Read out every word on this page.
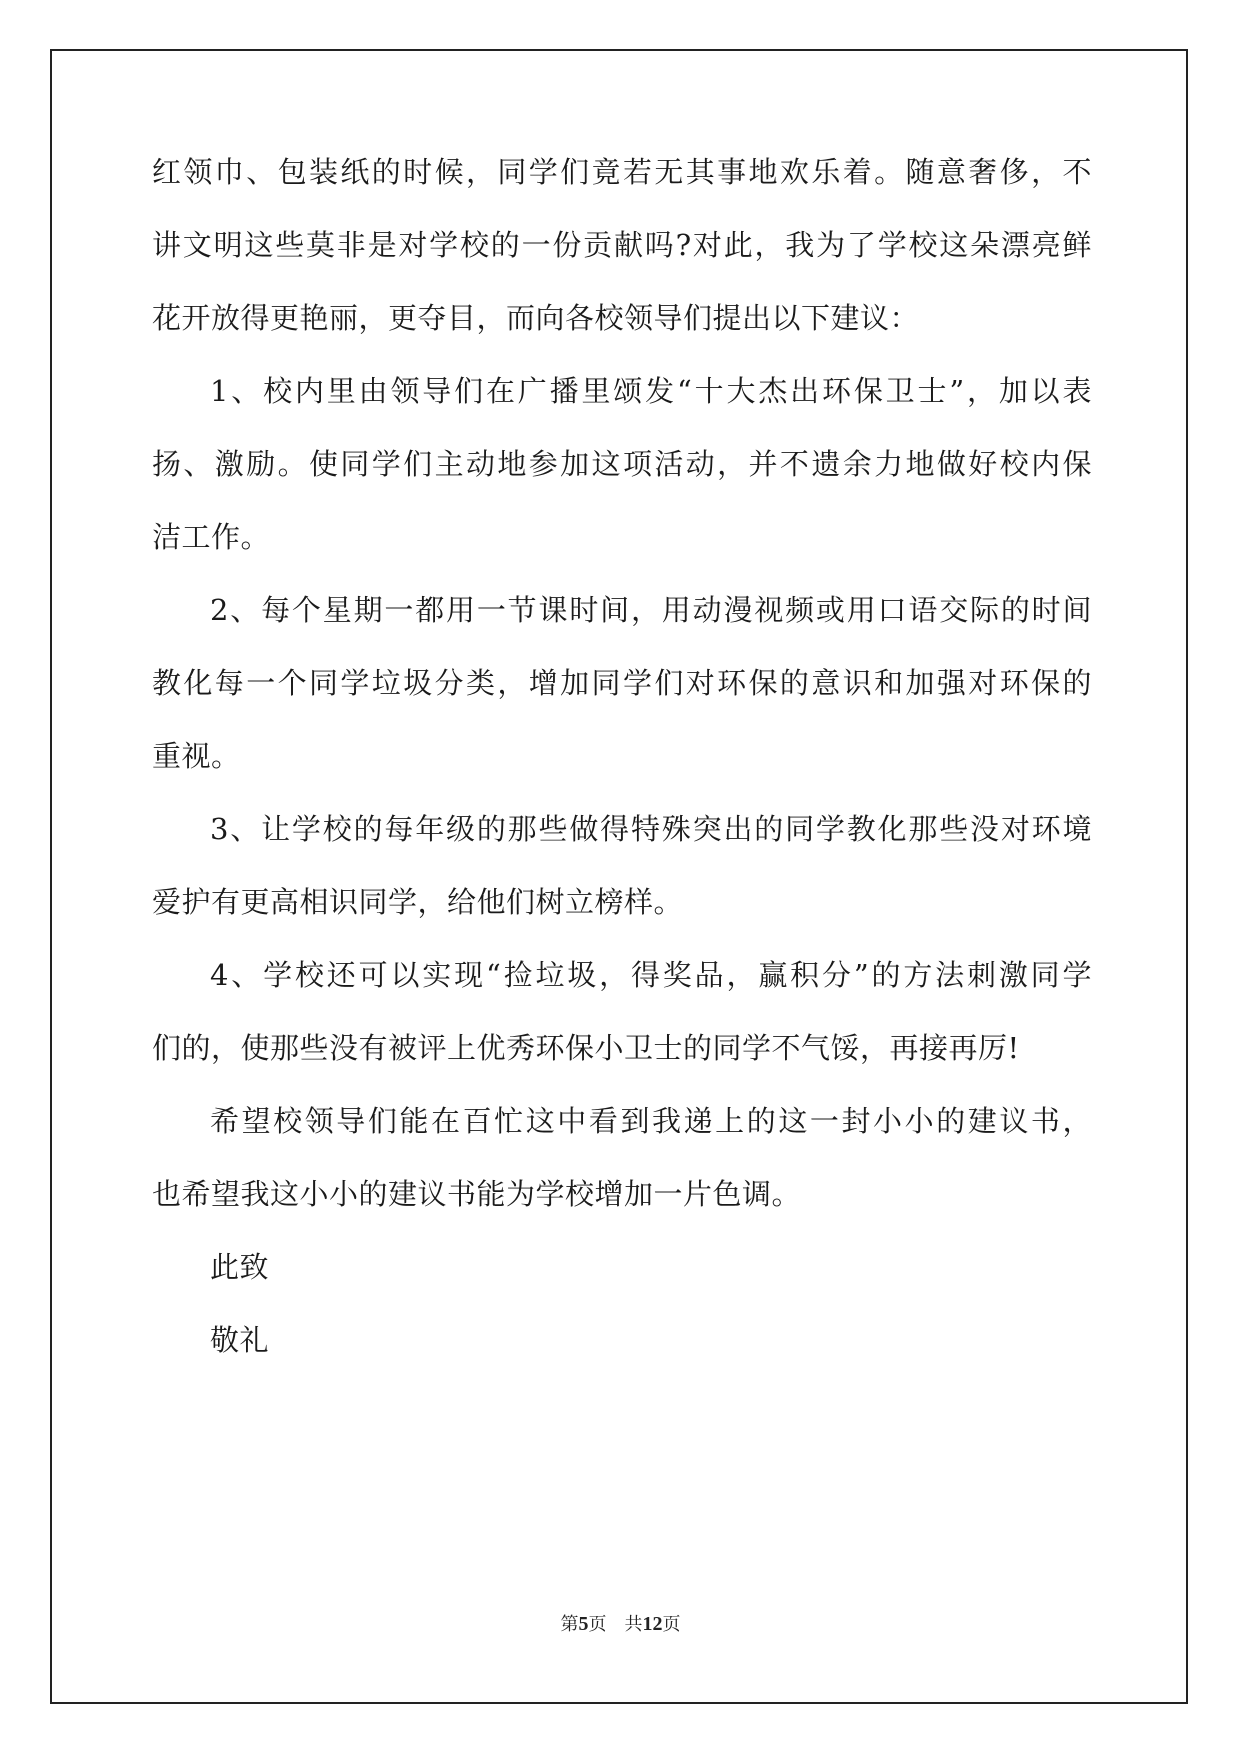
红领巾、包装纸的时候，同学们竟若无其事地欢乐着。随意奢侈，不
讲文明这些莫非是对学校的一份贡献吗?对此，我为了学校这朵漂亮鲜
花开放得更艳丽，更夺目，而向各校领导们提出以下建议：
1、校内里由领导们在广播里颂发“十大杰出环保卫士”，加以表
扬、激励。使同学们主动地参加这项活动，并不遗余力地做好校内保
洁工作。
2、每个星期一都用一节课时间，用动漫视频或用口语交际的时间
教化每一个同学垃圾分类，增加同学们对环保的意识和加强对环保的
重视。
3、让学校的每年级的那些做得特殊突出的同学教化那些没对环境
爱护有更高相识同学，给他们树立榜样。
4、学校还可以实现“捡垃圾，得奖品，赢积分”的方法刺激同学
们的，使那些没有被评上优秀环保小卫士的同学不气馁，再接再厉!
希望校领导们能在百忙这中看到我递上的这一封小小的建议书，
也希望我这小小的建议书能为学校增加一片色调。
此致
敬礼
第5页 共12页
